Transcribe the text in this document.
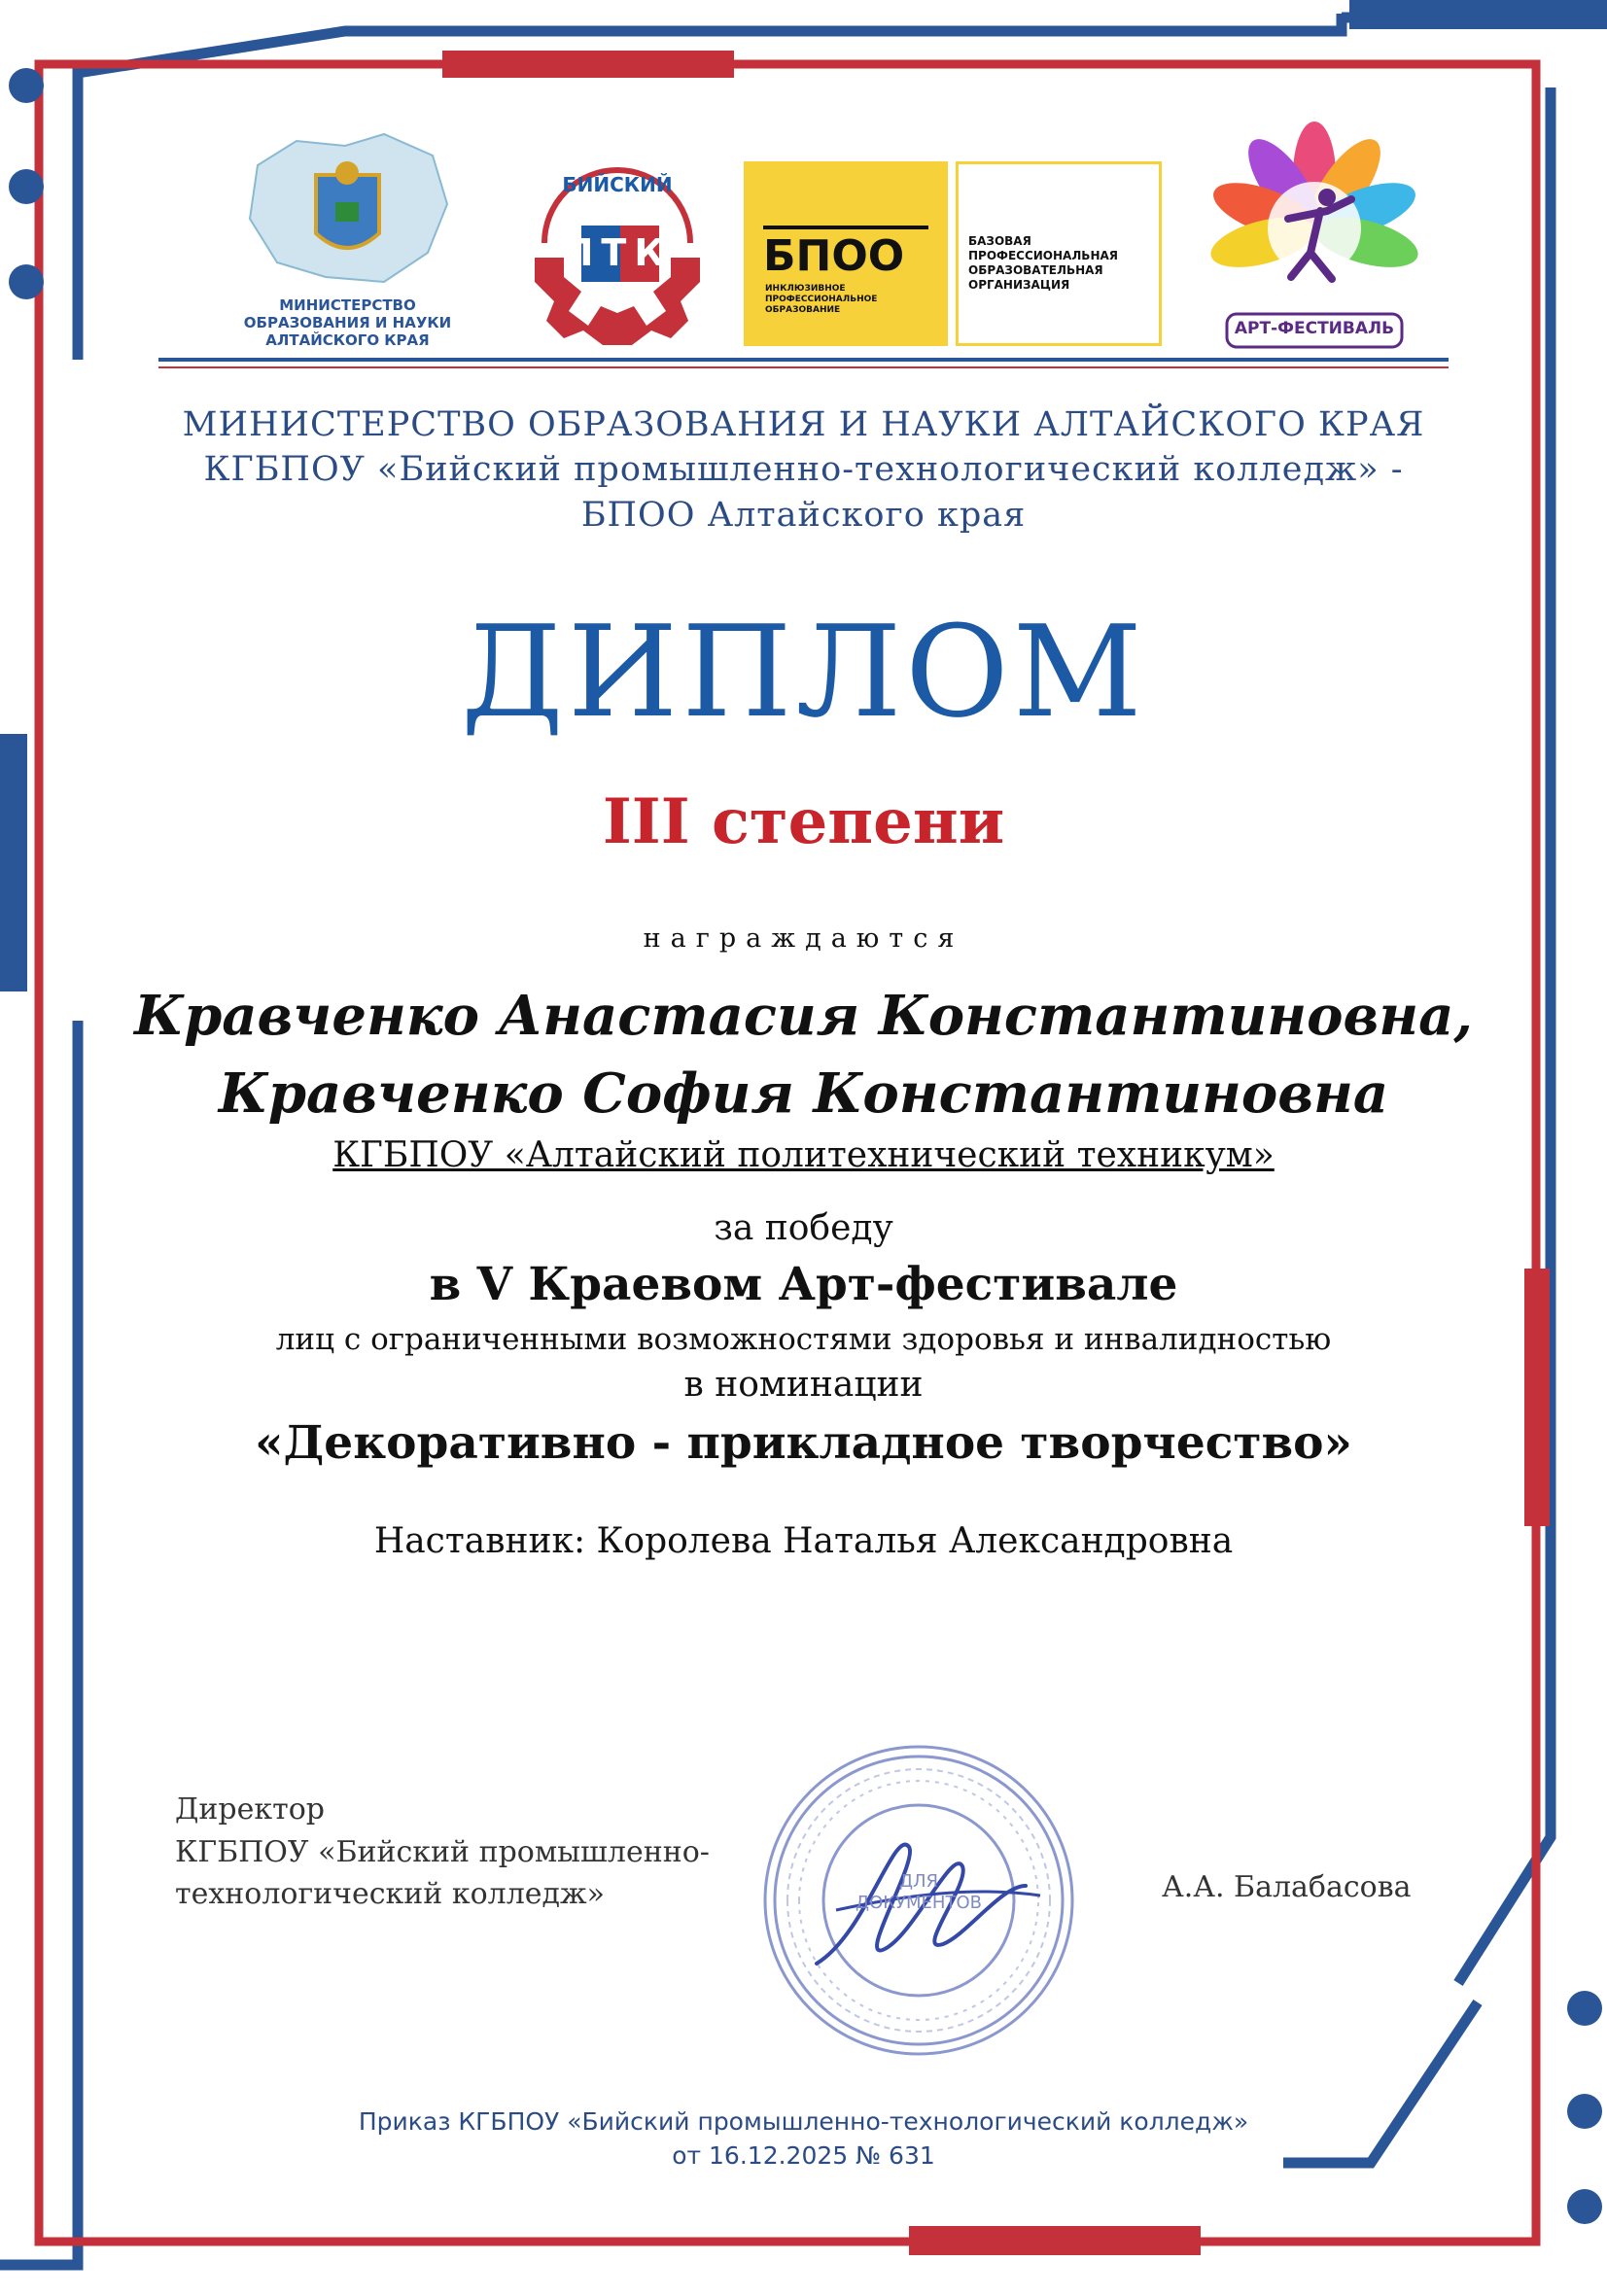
МИНИСТЕРСТВО
ОБРАЗОВАНИЯ И НАУКИ
АЛТАЙСКОГО КРАЯ
БИЙСКИЙ
ПТК	БПОО
ИНКЛЮЗИВНОЕ
ПРОФЕССИОНАЛЬНОЕ
ОБРАЗОВАНИЕ
БАЗОВАЯ
ПРОФЕССИОНАЛЬНАЯ
ОБРАЗОВАТЕЛЬНАЯ
ОРГАНИЗАЦИЯ
АРТ-ФЕСТИВАЛЬ
МИНИСТЕРСТВО ОБРАЗОВАНИЯ И НАУКИ АЛТАЙСКОГО КРАЯ
КГБПОУ «Бийский промышленно-технологический колледж» -
БПОО Алтайского края
ДИПЛОМ
III степени
награждаются
Кравченко Анастасия Константиновна,
Кравченко София Константиновна
КГБПОУ «Алтайский политехнический техникум»
за победу
в V Краевом Арт-фестивале
лиц с ограниченными возможностями здоровья и инвалидностью
в номинации
«Декоративно - прикладное творчество»
Наставник: Королева Наталья Александровна
Директор
КГБПОУ «Бийский промышленно-
технологический колледж»	ДЛЯ
ДОКУМЕНТОВ	А.А. Балабасова
Приказ КГБПОУ «Бийский промышленно-технологический колледж»
от 16.12.2025 № 631
